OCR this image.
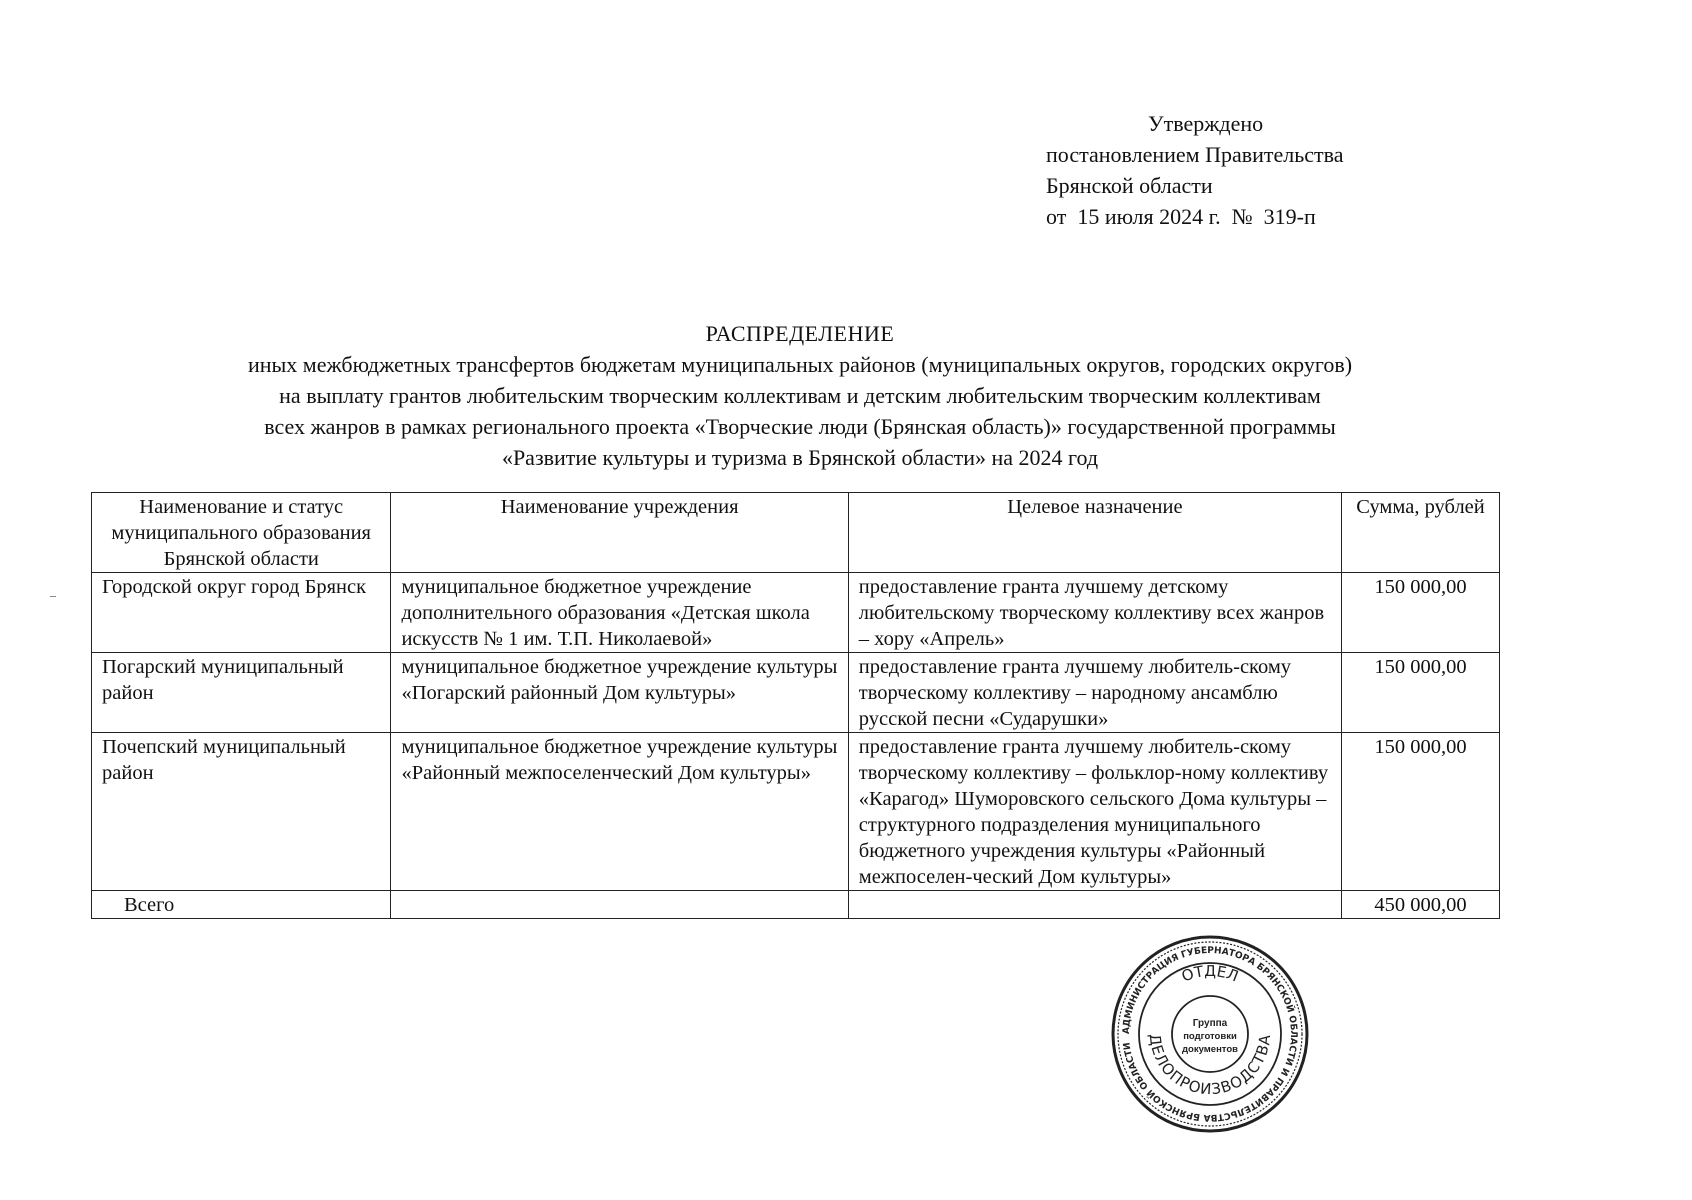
Утверждено
постановлением Правительства
Брянской области
от  15 июля 2024 г.  №  319-п
РАСПРЕДЕЛЕНИЕ
иных межбюджетных трансфертов бюджетам муниципальных районов (муниципальных округов, городских округов)
на выплату грантов любительским творческим коллективам и детским любительским творческим коллективам
всех жанров в рамках регионального проекта «Творческие люди (Брянская область)» государственной программы
«Развитие культуры и туризма в Брянской области» на 2024 год
Наименование и статус муниципального образования Брянской области	Наименование учреждения	Целевое назначение	Сумма, рублей
Городской округ город Брянск	муниципальное бюджетное учреждение дополнительного образования «Детская школа искусств № 1 им. Т.П. Николаевой»	предоставление гранта лучшему детскому любительскому творческому коллективу всех жанров – хору «Апрель»	150 000,00
Погарский муниципальный район	муниципальное бюджетное учреждение культуры «Погарский районный Дом культуры»	предоставление гранта лучшему любитель-скому творческому коллективу – народному ансамблю русской песни «Сударушки»	150 000,00
Почепский муниципальный район	муниципальное бюджетное учреждение культуры «Районный межпоселенческий Дом культуры»	предоставление гранта лучшему любитель-скому творческому коллективу – фольклор-ному коллективу «Карагод» Шуморовского сельского Дома культуры – структурного подразделения муниципального бюджетного учреждения культуры «Районный межпоселен-ческий Дом культуры»	150 000,00
Всего			450 000,00
АДМИНИСТРАЦИЯ ГУБЕРНАТОРА БРЯНСКОЙ ОБЛАСТИ И ПРАВИТЕЛЬСТВА БРЯНСКОЙ ОБЛАСТИ
ОТДЕЛ
ДЕЛОПРОИЗВОДСТВА
Группа
подготовки
документов
